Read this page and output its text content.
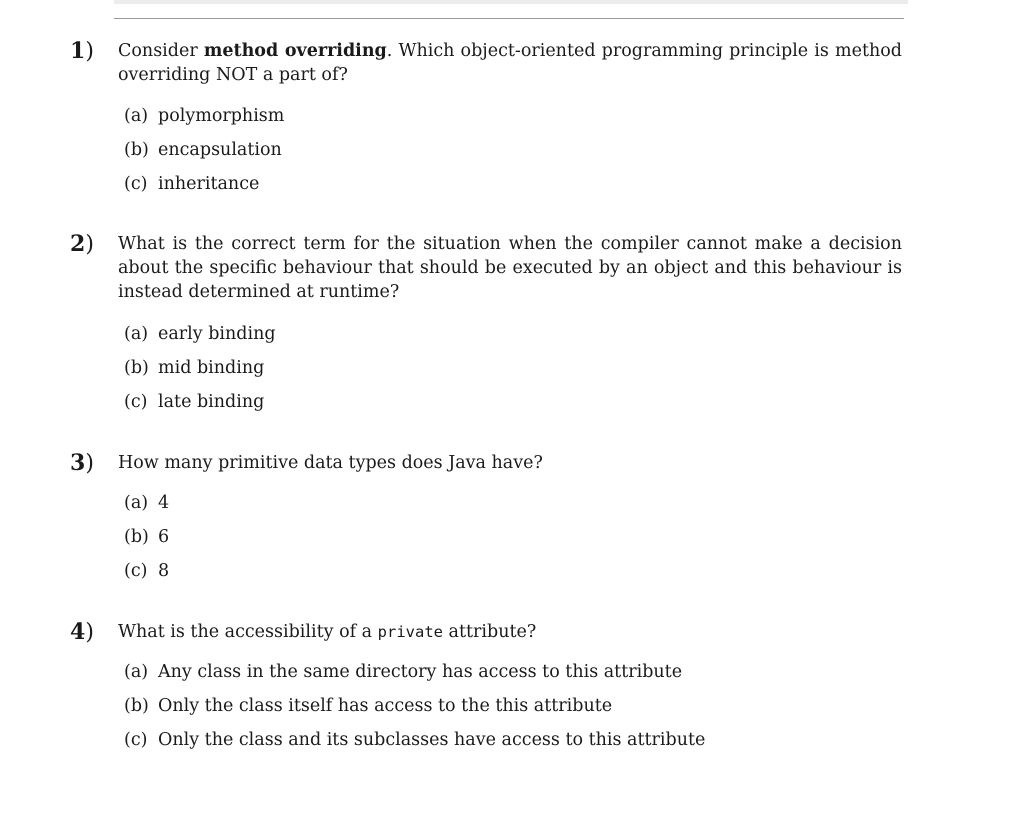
1) Consider method overriding. Which object-oriented programming principle is method overriding NOT a part of?
(a) polymorphism
(b) encapsulation
(c) inheritance
2) What is the correct term for the situation when the compiler cannot make a decision about the specific behaviour that should be executed by an object and this behaviour is instead determined at runtime?
(a) early binding
(b) mid binding
(c) late binding
3) How many primitive data types does Java have?
(a) 4
(b) 6
(c) 8
4) What is the accessibility of a private attribute?
(a) Any class in the same directory has access to this attribute
(b) Only the class itself has access to the this attribute
(c) Only the class and its subclasses have access to this attribute
